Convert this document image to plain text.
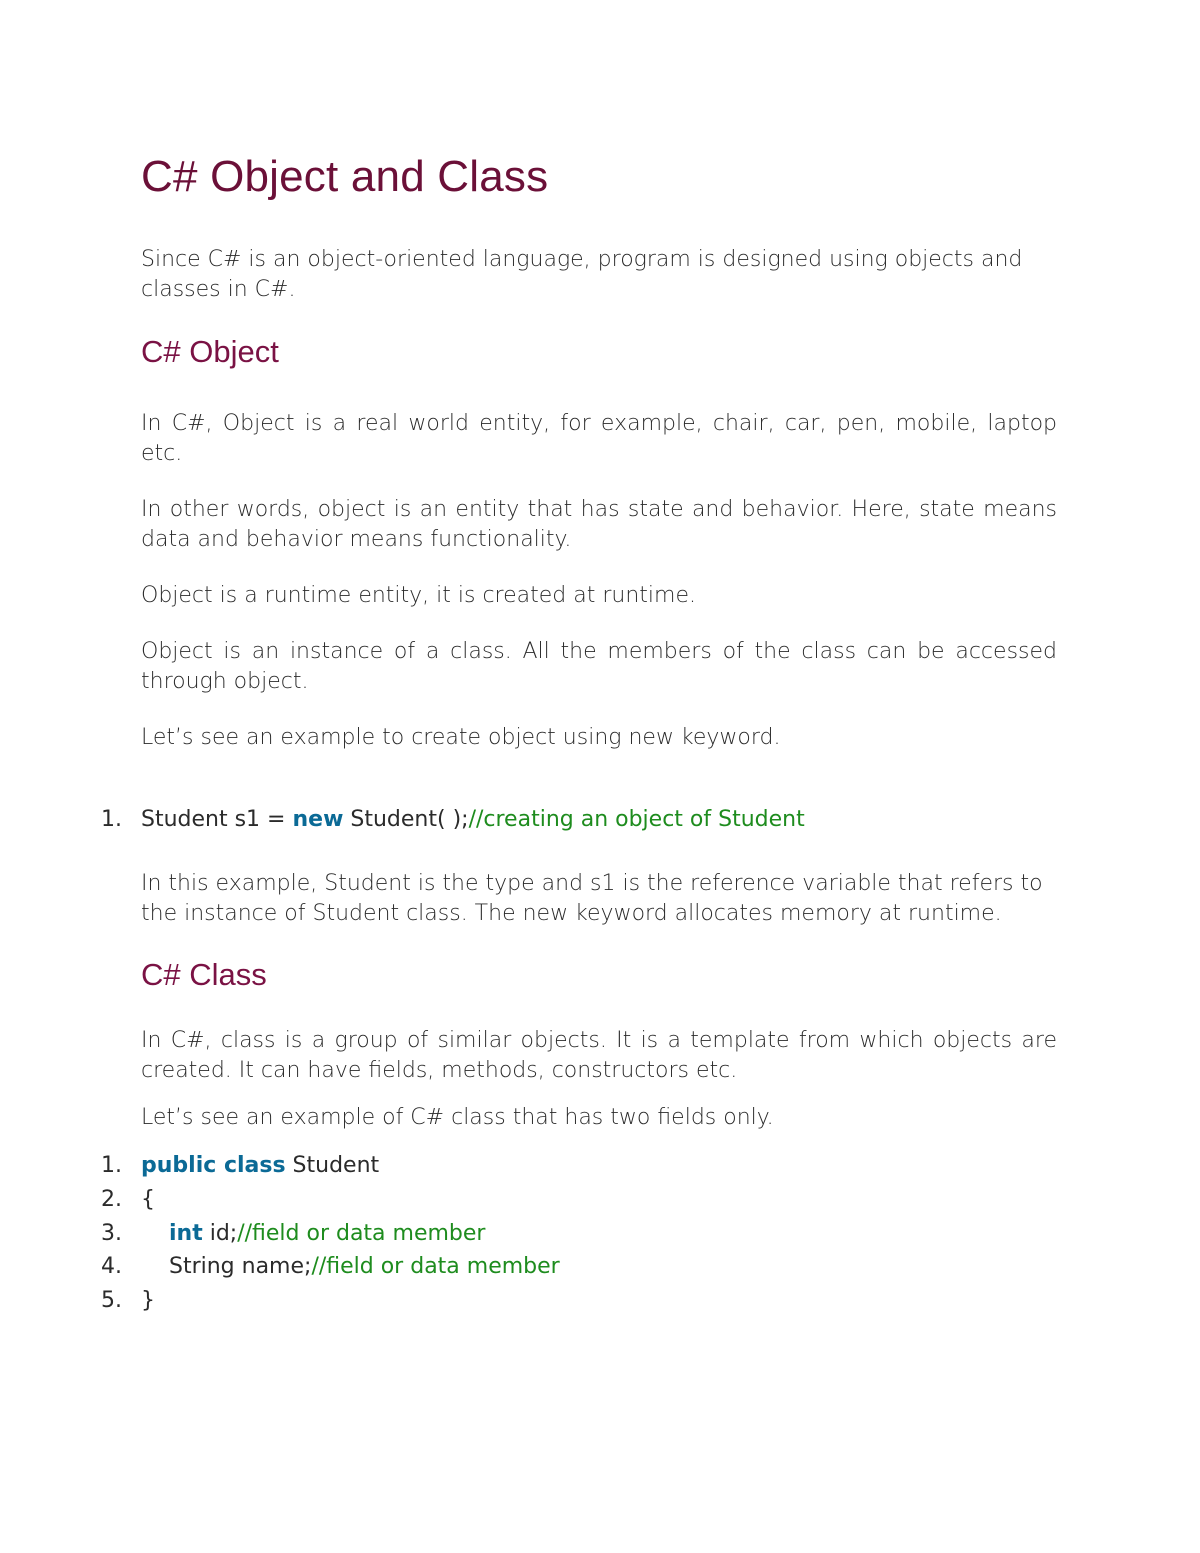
C# Object and Class

Since C# is an object-oriented language, program is designed using objects and classes in C#.

C# Object

In C#, Object is a real world entity, for example, chair, car, pen, mobile, laptop etc.

In other words, object is an entity that has state and behavior. Here, state means data and behavior means functionality.

Object is a runtime entity, it is created at runtime.

Object is an instance of a class. All the members of the class can be accessed through object.

Let’s see an example to create object using new keyword.

1. Student s1 = new Student( );//creating an object of Student

In this example, Student is the type and s1 is the reference variable that refers to the instance of Student class. The new keyword allocates memory at runtime.

C# Class

In C#, class is a group of similar objects. It is a template from which objects are created. It can have fields, methods, constructors etc.

Let’s see an example of C# class that has two fields only.

1. public class Student
2. {
3.	int id;//field or data member
4.	String name;//field or data member
5. }
